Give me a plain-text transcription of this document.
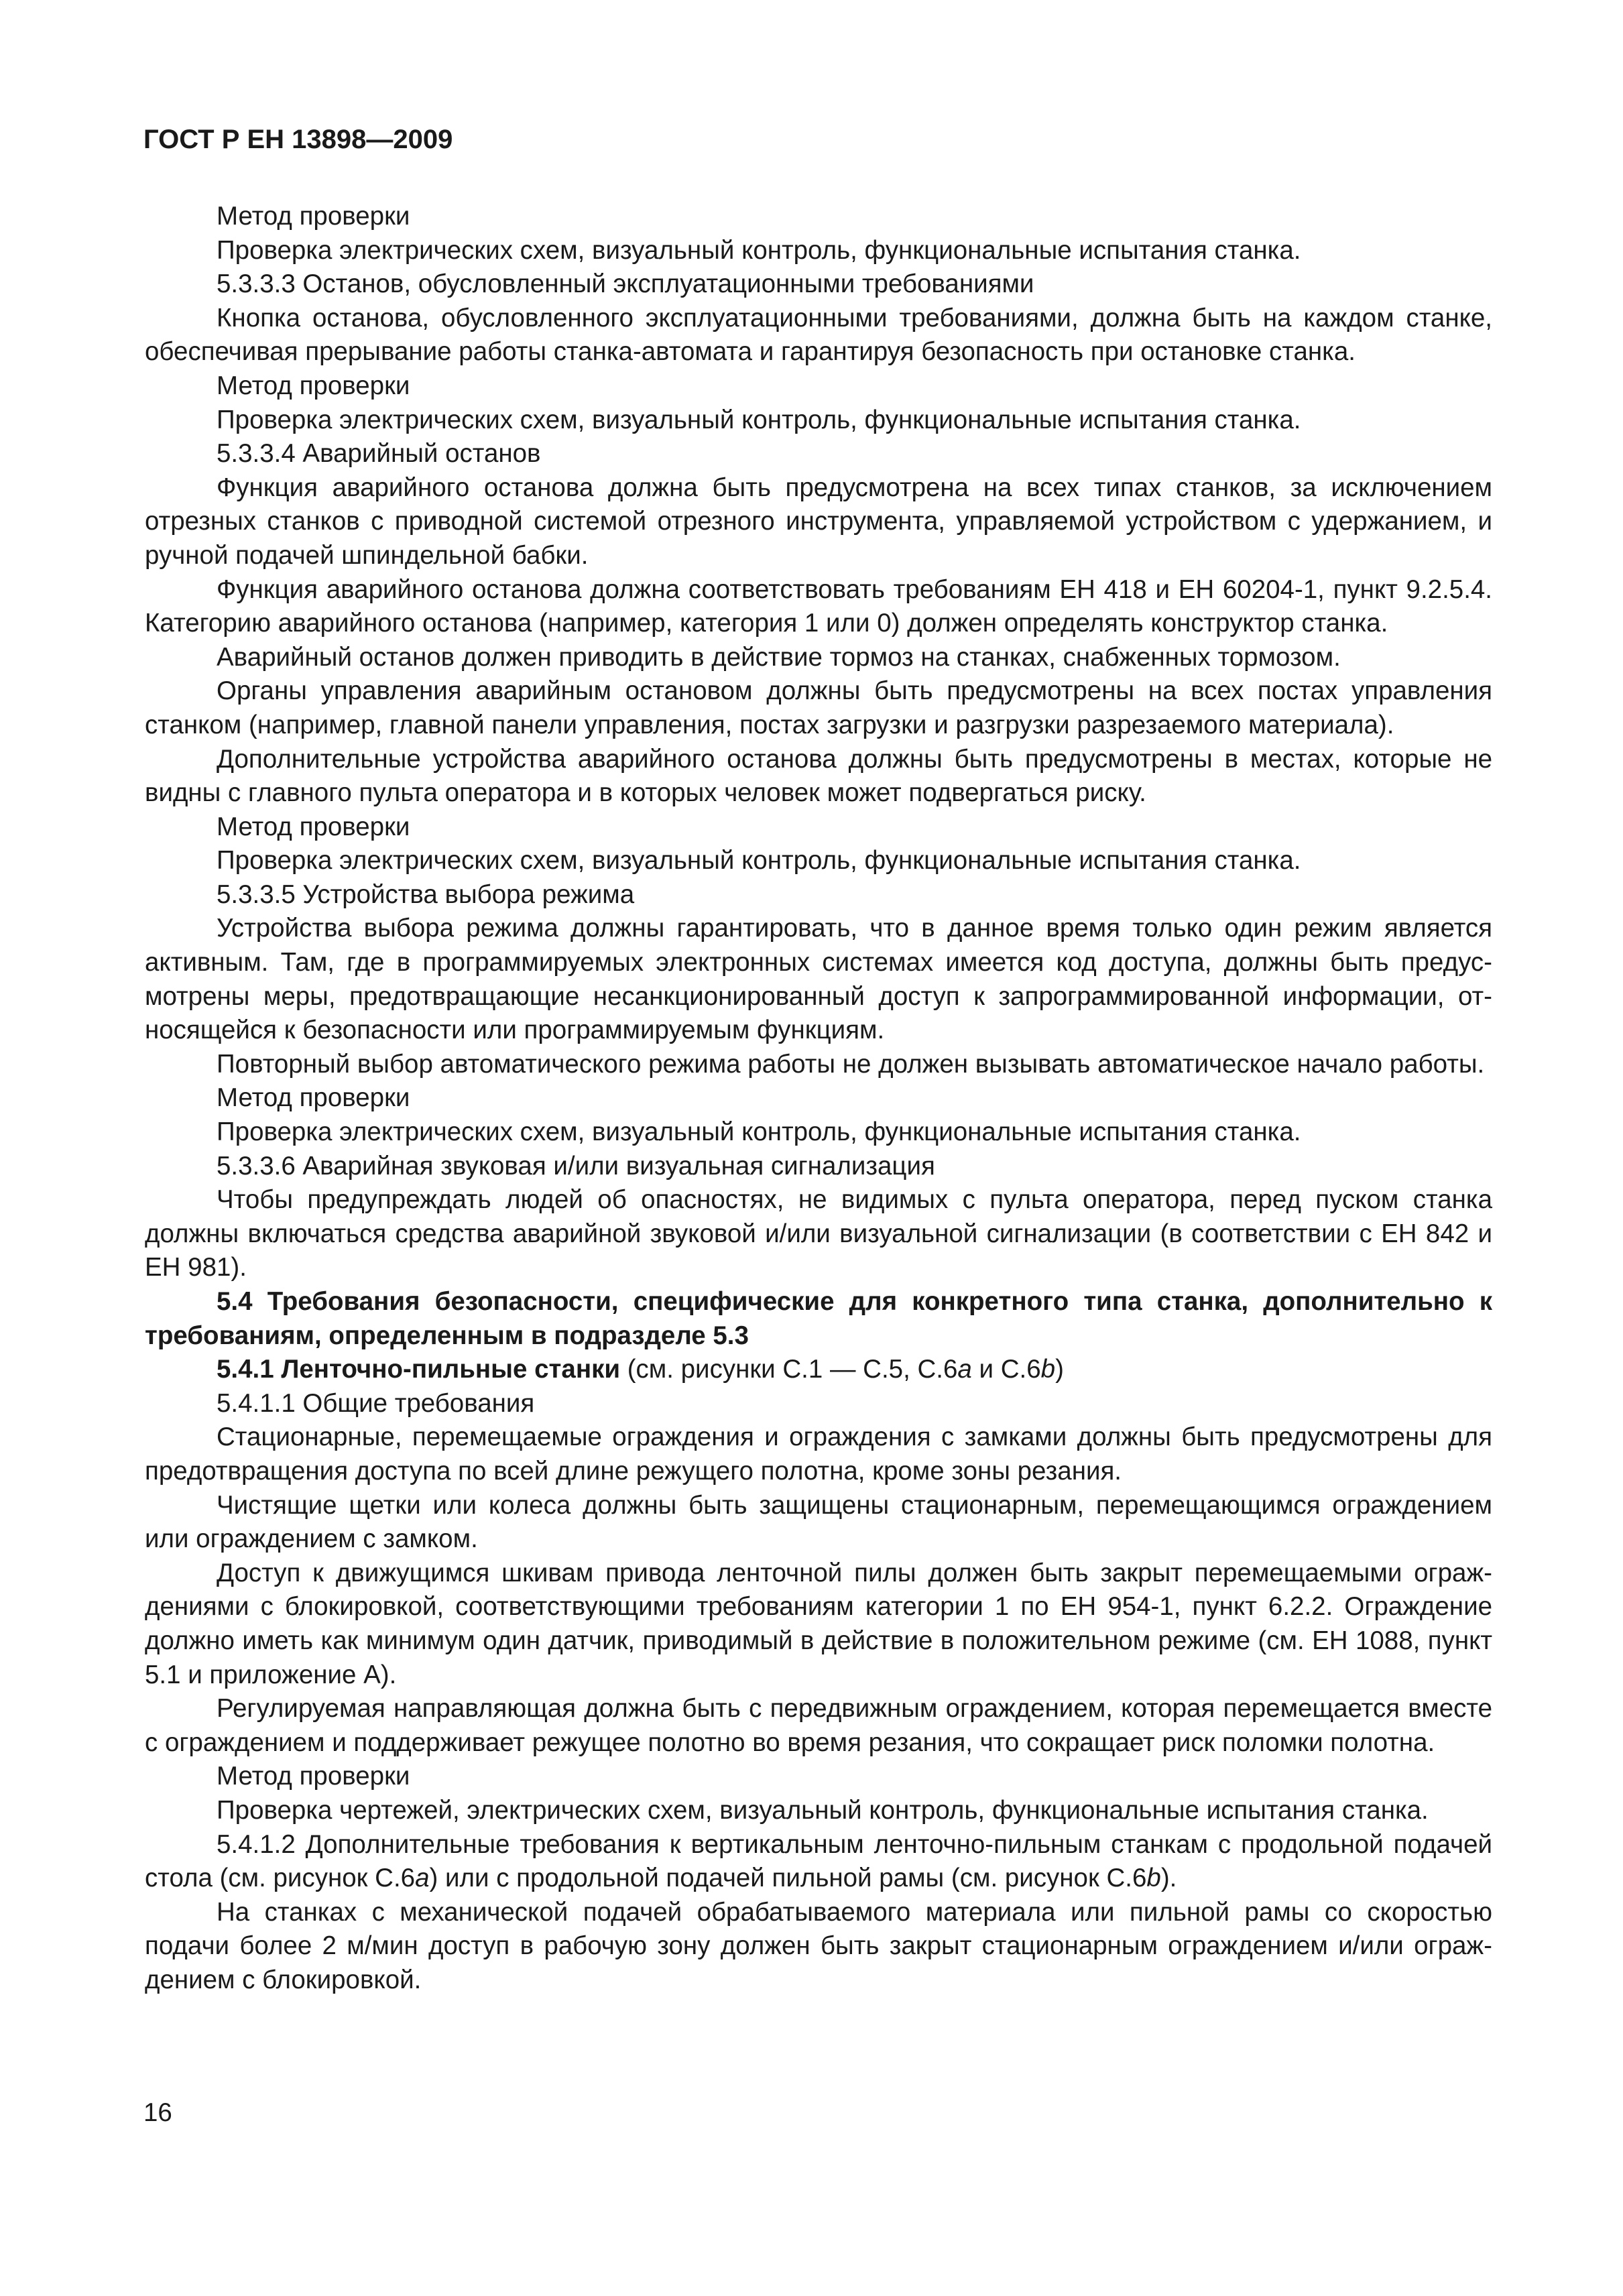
ГОСТ Р ЕН 13898—2009

Метод проверки

Проверка электрических схем, визуальный контроль, функциональные испытания станка.

5.3.3.3 Останов, обусловленный эксплуатационными требованиями

Кнопка останова, обусловленного эксплуатационными требованиями, должна быть на каждом станке, обеспечивая прерывание работы станка-автомата и гарантируя безопасность при остановке станка.

Метод проверки

Проверка электрических схем, визуальный контроль, функциональные испытания станка.

5.3.3.4 Аварийный останов

Функция аварийного останова должна быть предусмотрена на всех типах станков, за исключением отрезных станков с приводной системой отрезного инструмента, управляемой устройством с удержанием, и ручной подачей шпиндельной бабки.

Функция аварийного останова должна соответствовать требованиям ЕН 418 и ЕН 60204-1, пункт 9.2.5.4. Категорию аварийного останова (например, категория 1 или 0) должен определять конструктор станка.

Аварийный останов должен приводить в действие тормоз на станках, снабженных тормозом.

Органы управления аварийным остановом должны быть предусмотрены на всех постах управления станком (например, главной панели управления, постах загрузки и разгрузки разрезаемого материала).

Дополнительные устройства аварийного останова должны быть предусмотрены в местах, которые не видны с главного пульта оператора и в которых человек может подвергаться риску.

Метод проверки

Проверка электрических схем, визуальный контроль, функциональные испытания станка.

5.3.3.5 Устройства выбора режима

Устройства выбора режима должны гарантировать, что в данное время только один режим является активным. Там, где в программируемых электронных системах имеется код доступа, должны быть предусмотрены меры, предотвращающие несанкционированный доступ к запрограммированной информации, относящейся к безопасности или программируемым функциям.

Повторный выбор автоматического режима работы не должен вызывать автоматическое начало работы.

Метод проверки

Проверка электрических схем, визуальный контроль, функциональные испытания станка.

5.3.3.6 Аварийная звуковая и/или визуальная сигнализация

Чтобы предупреждать людей об опасностях, не видимых с пульта оператора, перед пуском станка должны включаться средства аварийной звуковой и/или визуальной сигнализации (в соответствии с ЕН 842 и ЕН 981).

5.4 Требования безопасности, специфические для конкретного типа станка, дополнительно к требованиям, определенным в подразделе 5.3

5.4.1 Ленточно-пильные станки (см. рисунки С.1 — С.5, С.6a и С.6b)

5.4.1.1 Общие требования

Стационарные, перемещаемые ограждения и ограждения с замками должны быть предусмотрены для предотвращения доступа по всей длине режущего полотна, кроме зоны резания.

Чистящие щетки или колеса должны быть защищены стационарным, перемещающимся ограждением или ограждением с замком.

Доступ к движущимся шкивам привода ленточной пилы должен быть закрыт перемещаемыми ограждениями с блокировкой, соответствующими требованиям категории 1 по ЕН 954-1, пункт 6.2.2. Ограждение должно иметь как минимум один датчик, приводимый в действие в положительном режиме (см. ЕН 1088, пункт 5.1 и приложение А).

Регулируемая направляющая должна быть с передвижным ограждением, которая перемещается вместе с ограждением и поддерживает режущее полотно во время резания, что сокращает риск поломки полотна.

Метод проверки

Проверка чертежей, электрических схем, визуальный контроль, функциональные испытания станка.

5.4.1.2 Дополнительные требования к вертикальным ленточно-пильным станкам с продольной подачей стола (см. рисунок С.6a) или с продольной подачей пильной рамы (см. рисунок С.6b).

На станках с механической подачей обрабатываемого материала или пильной рамы со скоростью подачи более 2 м/мин доступ в рабочую зону должен быть закрыт стационарным ограждением и/или ограждением с блокировкой.

16
